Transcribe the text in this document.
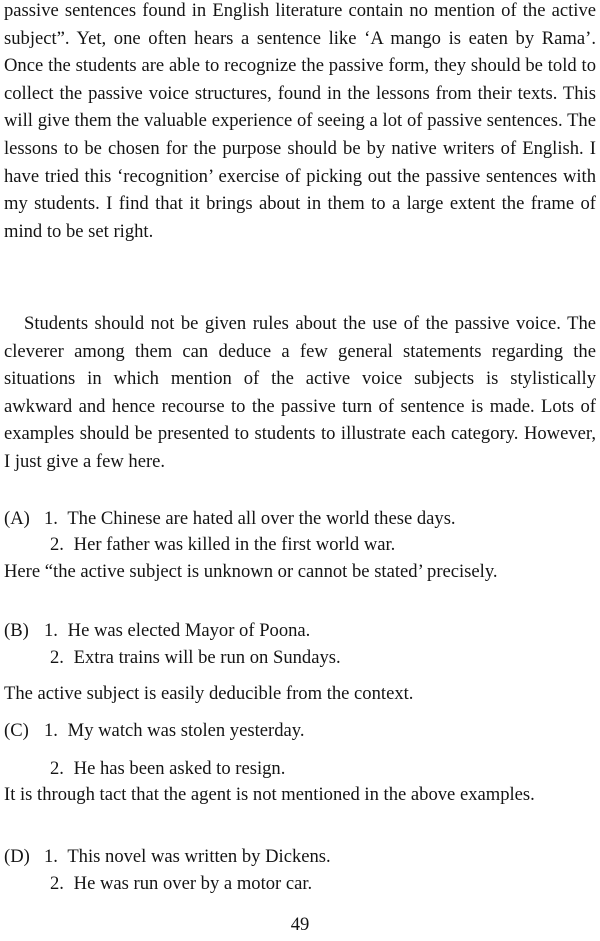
passive sentences found in English literature contain no mention of the active subject”. Yet, one often hears a sentence like ‘A mango is eaten by Rama’. Once the students are able to recognize the passive form, they should be told to collect the passive voice structures, found in the lessons from their texts. This will give them the valuable experience of seeing a lot of passive sentences. The lessons to be chosen for the purpose should be by native writers of English. I have tried this ‘recognition’ exercise of picking out the passive sentences with my students. I find that it brings about in them to a large extent the frame of mind to be set right.

Students should not be given rules about the use of the passive voice. The cleverer among them can deduce a few general statements regarding the situations in which mention of the active voice subjects is stylistically awkward and hence recourse to the passive turn of sentence is made. Lots of examples should be presented to students to illustrate each category. However, I just give a few here.

(A) 1. The Chinese are hated all over the world these days.
2. Her father was killed in the first world war.

Here “the active subject is unknown or cannot be stated’ precisely.

(B) 1. He was elected Mayor of Poona.
2. Extra trains will be run on Sundays.

The active subject is easily deducible from the context.

(C) 1. My watch was stolen yesterday.
2. He has been asked to resign.

It is through tact that the agent is not mentioned in the above examples.

(D) 1. This novel was written by Dickens.
2. He was run over by a motor car.
49
